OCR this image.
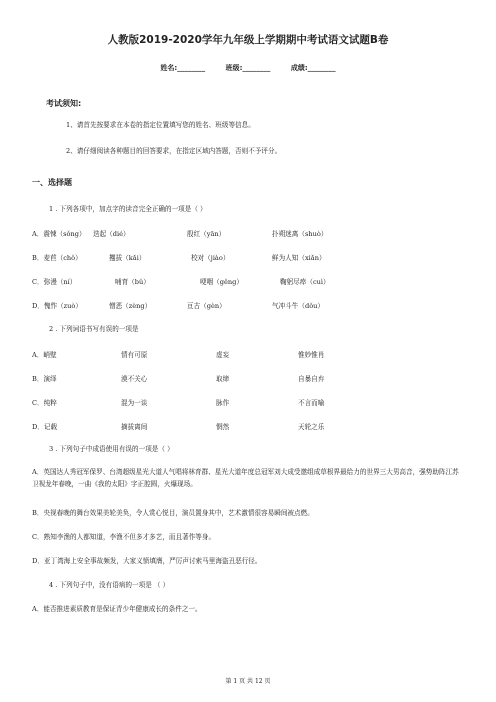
人教版2019-2020学年九年级上学期期中考试语文试题B卷
姓名:________	班级:________	成绩:________
考试须知:
1、请首先按要求在本卷的指定位置填写您的姓名、班级等信息。
2、请仔细阅读各种题目的回答要求，在指定区域内答题，否则不予评分。
一、选择题
1 . 下列各项中，加点字的读音完全正确的一项是（ ）
A．震悚（sǒng） 迭起（dié）	殷红（yān）	扑朔迷离（shuò）
B．麦苣（chǒ）	攫拔（kǎi）	校对（jiào）	鲜为人知（xiǎn）
C．弥漫（ní）	哺育（bǔ）	哽咽（gěng）	鞠躬尽瘁（cuì）
D．愧怍（zuò）	憎恶（zèng）	亘古（gèn）	气冲斗牛（dǒu）
2 . 下列词语书写有误的一项是
A．峭壁	情有可原	虚妄	惟妙惟肖
B．演绎	漠不关心	取缔	自暴自弃
C．纯粹	混为一谈	脉作	不言而喻
D．记载	摘拔离间	惘然	天轮之乐
3 . 下列句子中成语使用有误的一项是（ ）
A．英国达人秀冠军保罗、台湾超级星光大道人气唱将林育群、星光大道年度总冠军刘大成受邀组成草根界最给力的世界三大男高音，强势助阵江苏卫视龙年春晚，一曲《我的太阳》字正腔圆，火爆现场。
B．央视春晚的舞台效果美轮美奂，令人赏心悦目，演员置身其中，艺术激情很容易瞬间被点燃。
C．熟知李渔的人都知道，李渔不但多才多艺，而且著作等身。
D．亚丁湾海上安全事故频发，大家义愤填膺，严厉声讨索马里海盗丑恶行径。
4 . 下列句子中，没有语病的一项是 （ ）
A．能否推进素质教育是保证青少年健康成长的条件之一。
第 1 页 共 12 页
